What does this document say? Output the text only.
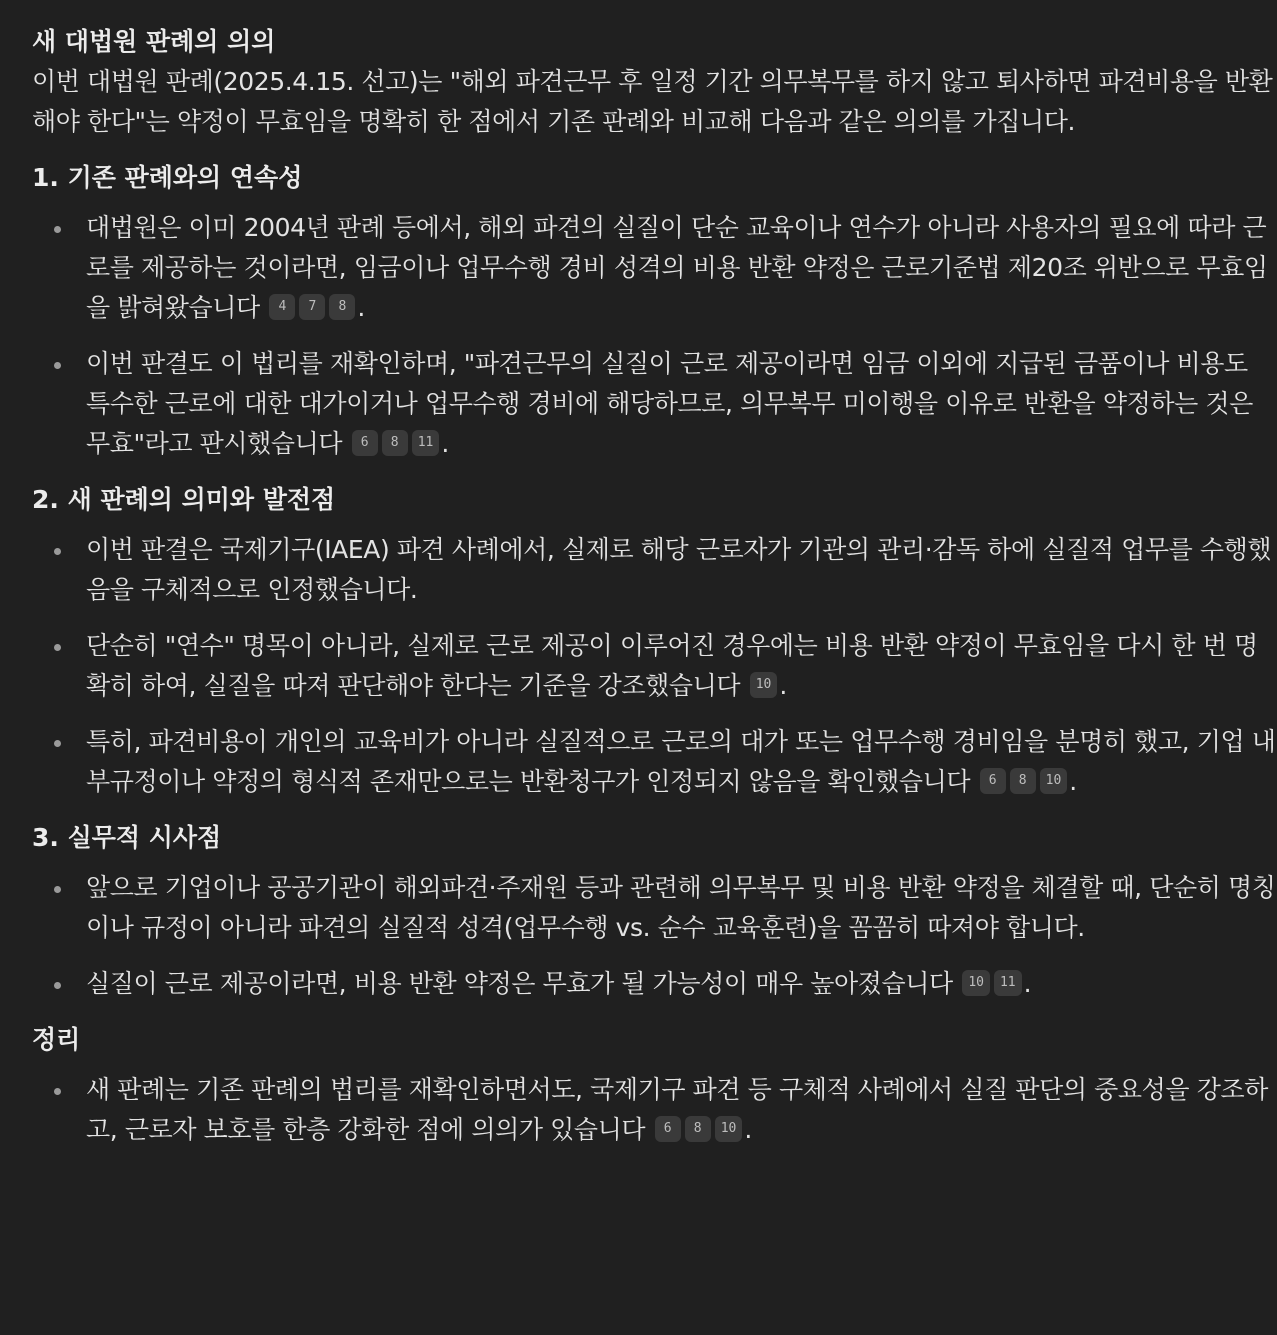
새 대법원 판례의 의의

이번 대법원 판례(2025.4.15. 선고)는 "해외 파견근무 후 일정 기간 의무복무를 하지 않고 퇴사하면 파견비용을 반환해야 한다"는 약정이 무효임을 명확히 한 점에서 기존 판례와 비교해 다음과 같은 의의를 가집니다.

1. 기존 판례와의 연속성
대법원은 이미 2004년 판례 등에서, 해외 파견의 실질이 단순 교육이나 연수가 아니라 사용자의 필요에 따라 근로를 제공하는 것이라면, 임금이나 업무수행 경비 성격의 비용 반환 약정은 근로기준법 제20조 위반으로 무효임을 밝혀왔습니다 4 7 8 .
이번 판결도 이 법리를 재확인하며, "파견근무의 실질이 근로 제공이라면 임금 이외에 지급된 금품이나 비용도 특수한 근로에 대한 대가이거나 업무수행 경비에 해당하므로, 의무복무 미이행을 이유로 반환을 약정하는 것은 무효"라고 판시했습니다 6 8 11 .
2. 새 판례의 의미와 발전점
이번 판결은 국제기구(IAEA) 파견 사례에서, 실제로 해당 근로자가 기관의 관리·감독 하에 실질적 업무를 수행했음을 구체적으로 인정했습니다.
단순히 "연수" 명목이 아니라, 실제로 근로 제공이 이루어진 경우에는 비용 반환 약정이 무효임을 다시 한 번 명확히 하여, 실질을 따져 판단해야 한다는 기준을 강조했습니다 10 .
특히, 파견비용이 개인의 교육비가 아니라 실질적으로 근로의 대가 또는 업무수행 경비임을 분명히 했고, 기업 내부규정이나 약정의 형식적 존재만으로는 반환청구가 인정되지 않음을 확인했습니다 6 8 10 .
3. 실무적 시사점
앞으로 기업이나 공공기관이 해외파견·주재원 등과 관련해 의무복무 및 비용 반환 약정을 체결할 때, 단순히 명칭이나 규정이 아니라 파견의 실질적 성격(업무수행 vs. 순수 교육훈련)을 꼼꼼히 따져야 합니다.
실질이 근로 제공이라면, 비용 반환 약정은 무효가 될 가능성이 매우 높아졌습니다 10 11 .
정리
새 판례는 기존 판례의 법리를 재확인하면서도, 국제기구 파견 등 구체적 사례에서 실질 판단의 중요성을 강조하고, 근로자 보호를 한층 강화한 점에 의의가 있습니다 6 8 10 .
